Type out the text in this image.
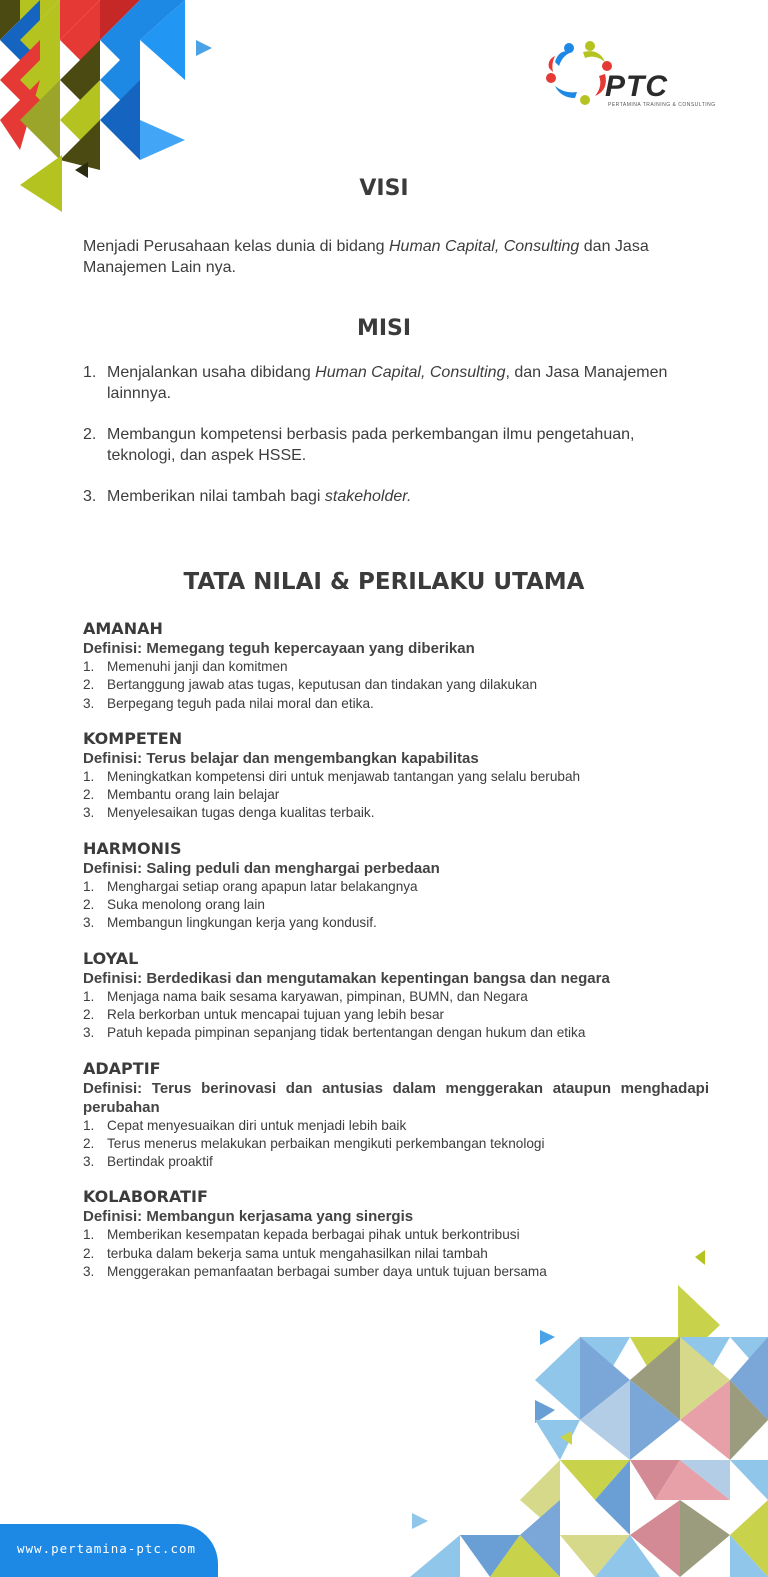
PTC
PERTAMINA TRAINING & CONSULTING
VISI

Menjadi Perusahaan kelas dunia di bidang Human Capital, Consulting dan Jasa Manajemen Lain nya.

MISI
1. Menjalankan usaha dibidang Human Capital, Consulting, dan Jasa Manajemen lainnnya.
2. Membangun kompetensi berbasis pada perkembangan ilmu pengetahuan, teknologi, dan aspek HSSE.
3. Memberikan nilai tambah bagi stakeholder.
TATA NILAI & PERILAKU UTAMA
AMANAH
Definisi: Memegang teguh kepercayaan yang diberikan
1. Memenuhi janji dan komitmen
2. Bertanggung jawab atas tugas, keputusan dan tindakan yang dilakukan
3. Berpegang teguh pada nilai moral dan etika.
KOMPETEN
Definisi: Terus belajar dan mengembangkan kapabilitas
1. Meningkatkan kompetensi diri untuk menjawab tantangan yang selalu berubah
2. Membantu orang lain belajar
3. Menyelesaikan tugas denga kualitas terbaik.
HARMONIS
Definisi: Saling peduli dan menghargai perbedaan
1. Menghargai setiap orang apapun latar belakangnya
2. Suka menolong orang lain
3. Membangun lingkungan kerja yang kondusif.
LOYAL
Definisi: Berdedikasi dan mengutamakan kepentingan bangsa dan negara
1. Menjaga nama baik sesama karyawan, pimpinan, BUMN, dan Negara
2. Rela berkorban untuk mencapai tujuan yang lebih besar
3. Patuh kepada pimpinan sepanjang tidak bertentangan dengan hukum dan etika
ADAPTIF
Definisi: Terus berinovasi dan antusias dalam menggerakan ataupun menghadapi perubahan
1. Cepat menyesuaikan diri untuk menjadi lebih baik
2. Terus menerus melakukan perbaikan mengikuti perkembangan teknologi
3. Bertindak proaktif
KOLABORATIF
Definisi: Membangun kerjasama yang sinergis
1. Memberikan kesempatan kepada berbagai pihak untuk berkontribusi
2. terbuka dalam bekerja sama untuk mengahasilkan nilai tambah
3. Menggerakan pemanfaatan berbagai sumber daya untuk tujuan bersama
www.pertamina-ptc.com
